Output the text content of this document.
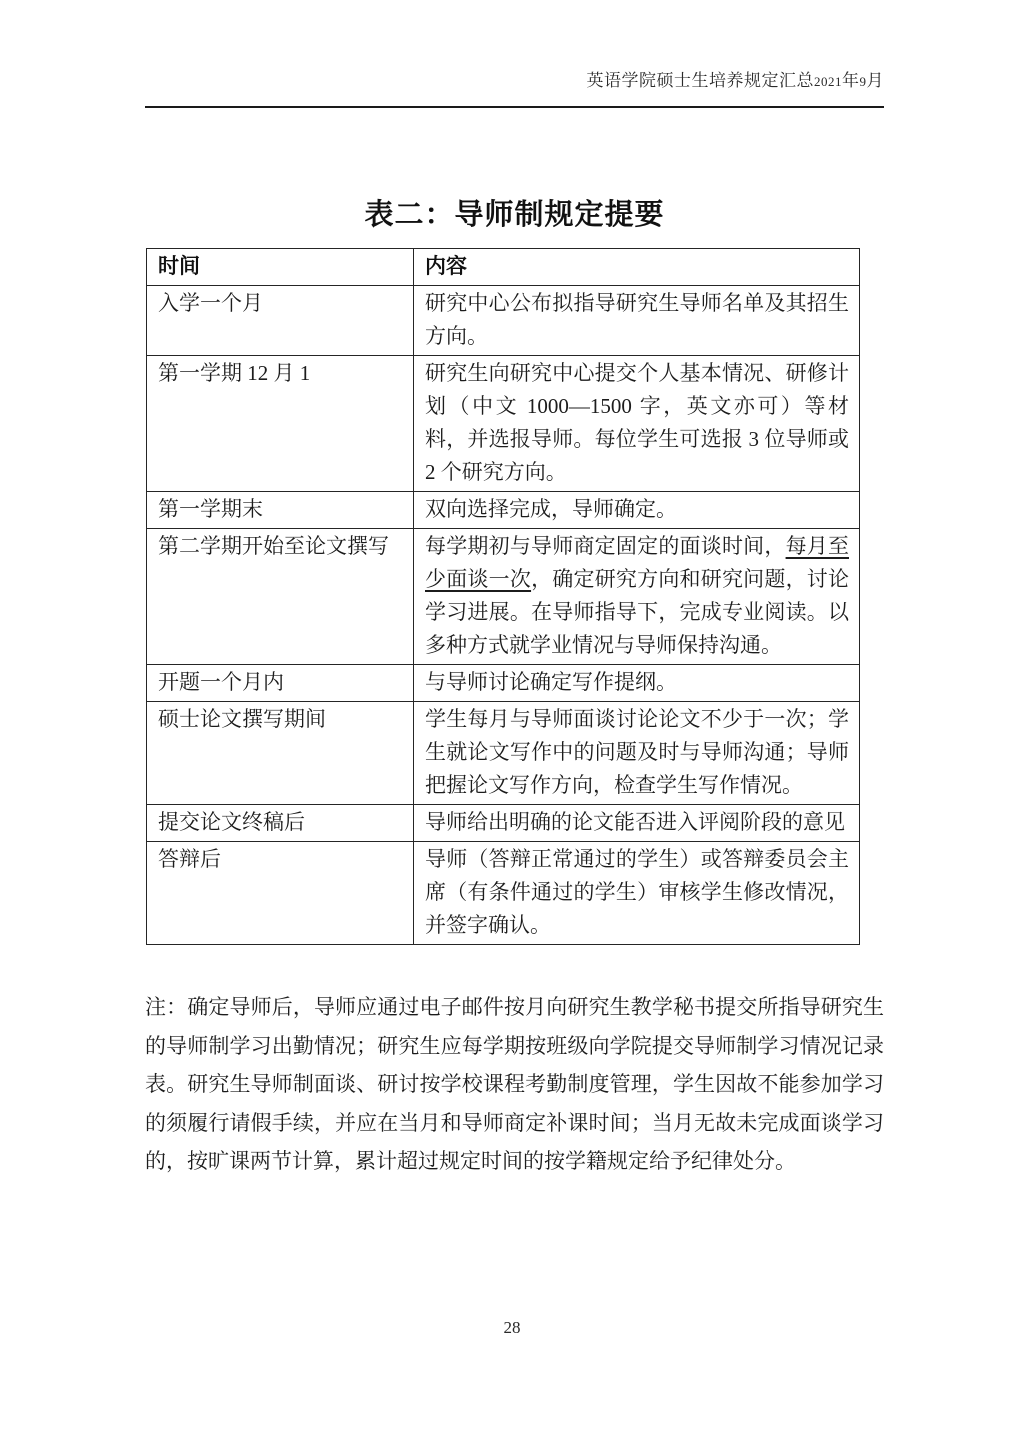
英语学院硕士生培养规定汇总2021年9月
表二：导师制规定提要
时间	内容
入学一个月	研究中心公布拟指导研究生导师名单及其招生方向。
第一学期 12 月 1	研究生向研究中心提交个人基本情况、研修计划（中文 1000—1500 字，英文亦可）等材料，并选报导师。每位学生可选报 3 位导师或 2 个研究方向。
第一学期末	双向选择完成，导师确定。
第二学期开始至论文撰写	每学期初与导师商定固定的面谈时间，每月至少面谈一次，确定研究方向和研究问题，讨论学习进展。在导师指导下，完成专业阅读。以多种方式就学业情况与导师保持沟通。
开题一个月内	与导师讨论确定写作提纲。
硕士论文撰写期间	学生每月与导师面谈讨论论文不少于一次；学生就论文写作中的问题及时与导师沟通；导师把握论文写作方向，检查学生写作情况。
提交论文终稿后	导师给出明确的论文能否进入评阅阶段的意见
答辩后	导师（答辩正常通过的学生）或答辩委员会主席（有条件通过的学生）审核学生修改情况，并签字确认。
注：确定导师后，导师应通过电子邮件按月向研究生教学秘书提交所指导研究生的导师制学习出勤情况；研究生应每学期按班级向学院提交导师制学习情况记录表。研究生导师制面谈、研讨按学校课程考勤制度管理，学生因故不能参加学习的须履行请假手续，并应在当月和导师商定补课时间；当月无故未完成面谈学习的，按旷课两节计算，累计超过规定时间的按学籍规定给予纪律处分。
28
